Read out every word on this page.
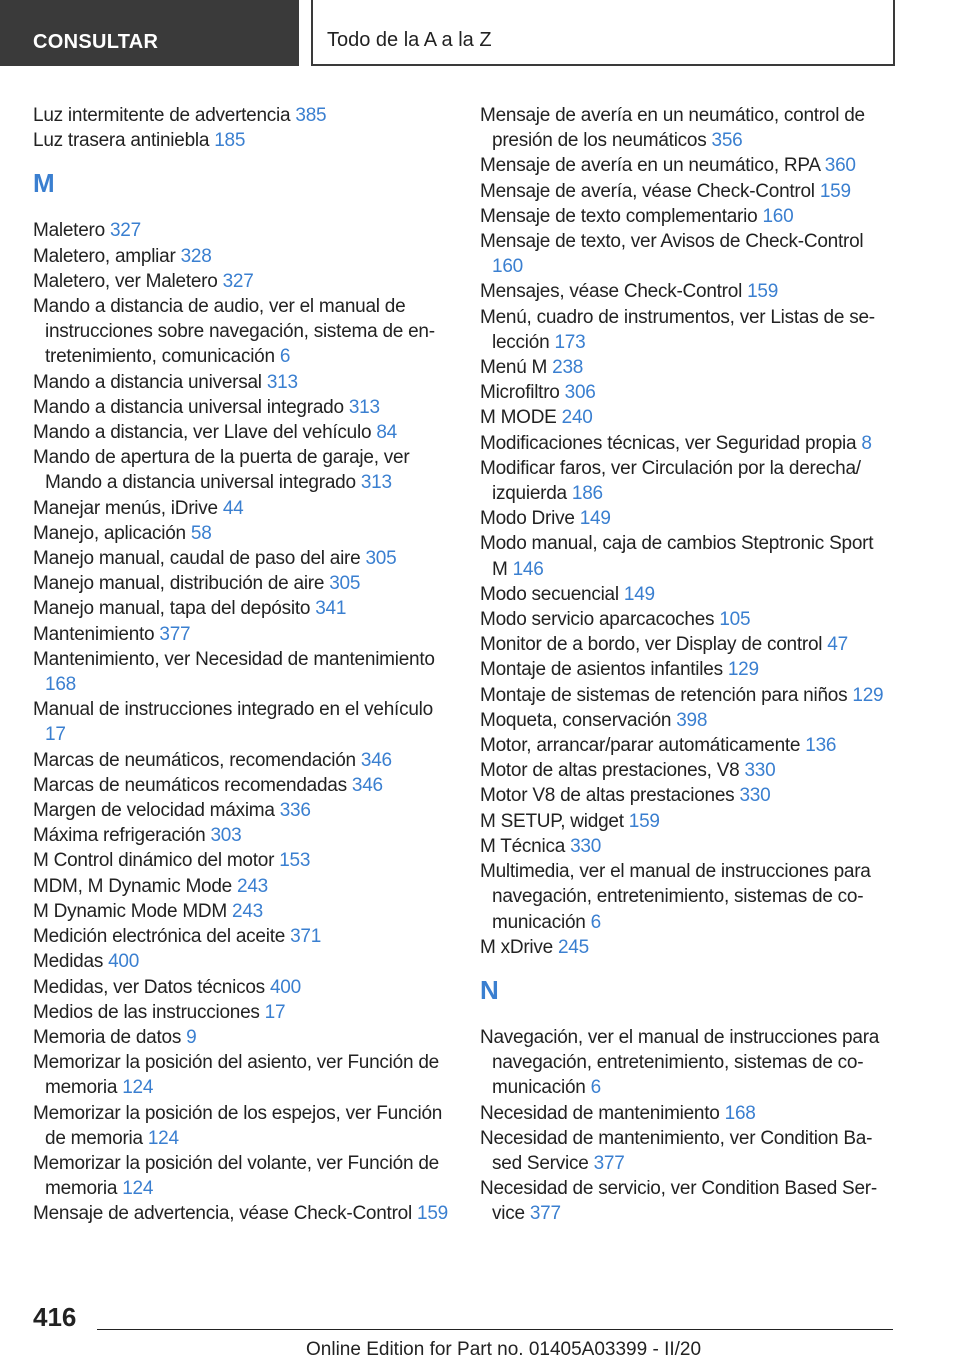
CONSULTAR	Todo de la A a la Z
Luz intermitente de advertencia 385
Luz trasera antiniebla 185
M
Maletero 327
Maletero, ampliar 328
Maletero, ver Maletero 327
Mando a distancia de audio, ver el manual de instrucciones sobre navegación, sistema de entretenimiento, comunicación 6
Mando a distancia universal 313
Mando a distancia universal integrado 313
Mando a distancia, ver Llave del vehículo 84
Mando de apertura de la puerta de garaje, ver Mando a distancia universal integrado 313
Manejar menús, iDrive 44
Manejo, aplicación 58
Manejo manual, caudal de paso del aire 305
Manejo manual, distribución de aire 305
Manejo manual, tapa del depósito 341
Mantenimiento 377
Mantenimiento, ver Necesidad de mantenimiento 168
Manual de instrucciones integrado en el vehículo 17
Marcas de neumáticos, recomendación 346
Marcas de neumáticos recomendadas 346
Margen de velocidad máxima 336
Máxima refrigeración 303
M Control dinámico del motor 153
MDM, M Dynamic Mode 243
M Dynamic Mode MDM 243
Medición electrónica del aceite 371
Medidas 400
Medidas, ver Datos técnicos 400
Medios de las instrucciones 17
Memoria de datos 9
Memorizar la posición del asiento, ver Función de memoria 124
Memorizar la posición de los espejos, ver Función de memoria 124
Memorizar la posición del volante, ver Función de memoria 124
Mensaje de advertencia, véase Check-Control 159
Mensaje de avería en un neumático, control de presión de los neumáticos 356
Mensaje de avería en un neumático, RPA 360
Mensaje de avería, véase Check-Control 159
Mensaje de texto complementario 160
Mensaje de texto, ver Avisos de Check-Control 160
Mensajes, véase Check-Control 159
Menú, cuadro de instrumentos, ver Listas de selección 173
Menú M 238
Microfiltro 306
M MODE 240
Modificaciones técnicas, ver Seguridad propia 8
Modificar faros, ver Circulación por la derecha/ izquierda 186
Modo Drive 149
Modo manual, caja de cambios Steptronic Sport M 146
Modo secuencial 149
Modo servicio aparcacoches 105
Monitor de a bordo, ver Display de control 47
Montaje de asientos infantiles 129
Montaje de sistemas de retención para niños 129
Moqueta, conservación 398
Motor, arrancar/parar automáticamente 136
Motor de altas prestaciones, V8 330
Motor V8 de altas prestaciones 330
M SETUP, widget 159
M Técnica 330
Multimedia, ver el manual de instrucciones para navegación, entretenimiento, sistemas de comunicación 6
M xDrive 245
N
Navegación, ver el manual de instrucciones para navegación, entretenimiento, sistemas de comunicación 6
Necesidad de mantenimiento 168
Necesidad de mantenimiento, ver Condition Based Service 377
Necesidad de servicio, ver Condition Based Service 377
416
Online Edition for Part no. 01405A03399 - II/20
